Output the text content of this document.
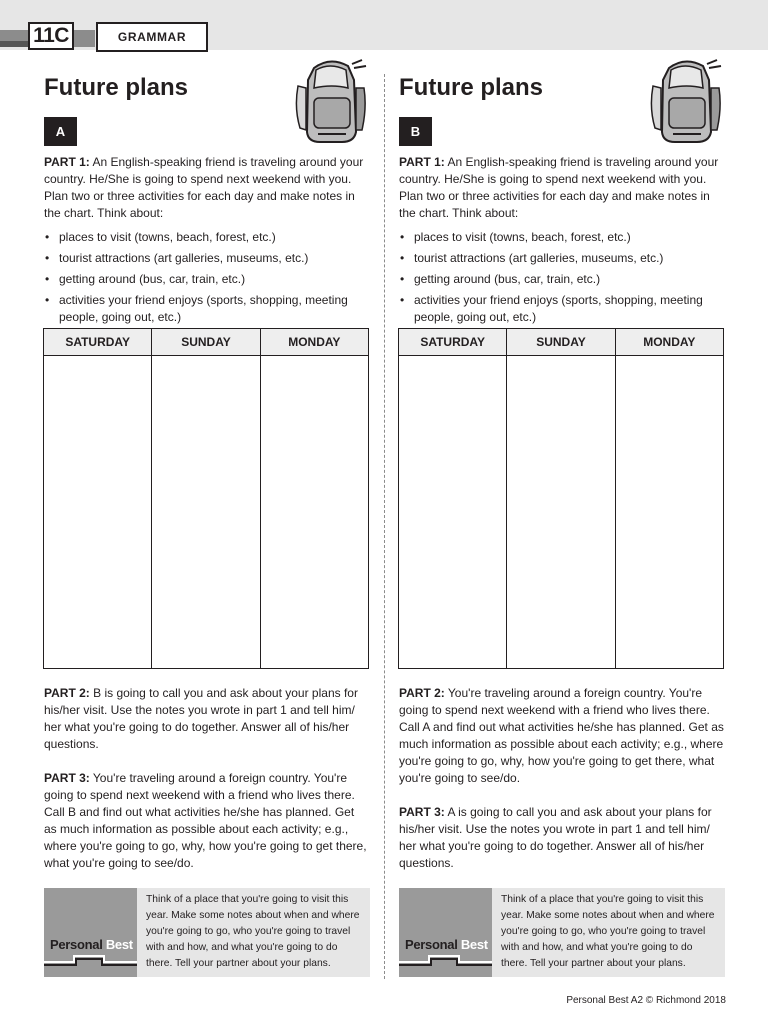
11C	GRAMMAR
Future plans
A

PART 1: An English-speaking friend is traveling around your country. He/She is going to spend next weekend with you. Plan two or three activities for each day and make notes in the chart. Think about:

• places to visit (towns, beach, forest, etc.)
• tourist attractions (art galleries, museums, etc.)
• getting around (bus, car, train, etc.)
• activities your friend enjoys (sports, shopping, meeting people, going out, etc.)
SATURDAY	SUNDAY	MONDAY

PART 2: B is going to call you and ask about your plans for his/her visit. Use the notes you wrote in part 1 and tell him/ her what you're going to do together. Answer all of his/her questions.

PART 3: You're traveling around a foreign country. You're going to spend next weekend with a friend who lives there. Call B and find out what activities he/she has planned. Get as much information as possible about each activity; e.g., where you're going to go, why, how you're going to get there, what you're going to see/do.

Personal Best
Think of a place that you're going to visit this year. Make some notes about when and where you're going to go, who you're going to travel with and how, and what you're going to do there. Tell your partner about your plans.
Future plans
B

PART 1: An English-speaking friend is traveling around your country. He/She is going to spend next weekend with you. Plan two or three activities for each day and make notes in the chart. Think about:

• places to visit (towns, beach, forest, etc.)
• tourist attractions (art galleries, museums, etc.)
• getting around (bus, car, train, etc.)
• activities your friend enjoys (sports, shopping, meeting people, going out, etc.)
SATURDAY	SUNDAY	MONDAY

PART 2: You're traveling around a foreign country. You're going to spend next weekend with a friend who lives there. Call A and find out what activities he/she has planned. Get as much information as possible about each activity; e.g., where you're going to go, why, how you're going to get there, what you're going to see/do.

PART 3: A is going to call you and ask about your plans for his/her visit. Use the notes you wrote in part 1 and tell him/ her what you're going to do together. Answer all of his/her questions.

Personal Best
Think of a place that you're going to visit this year. Make some notes about when and where you're going to go, who you're going to travel with and how, and what you're going to do there. Tell your partner about your plans.
Personal Best A2 © Richmond 2018
